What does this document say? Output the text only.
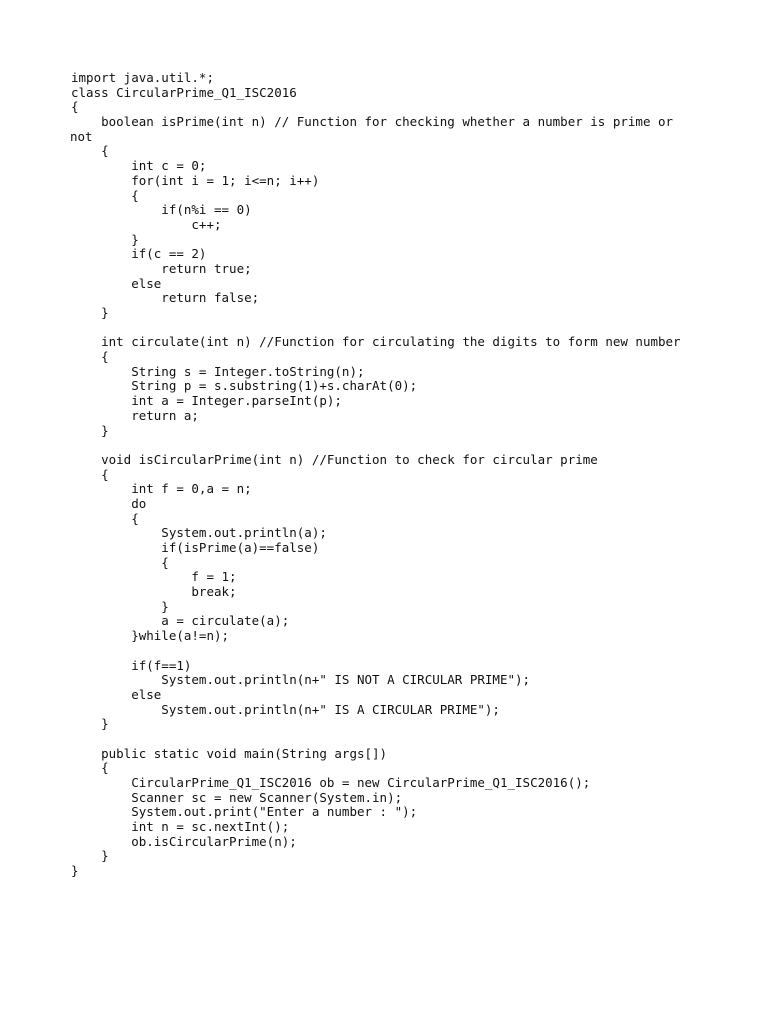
import java.util.*;
class CircularPrime_Q1_ISC2016
{
boolean isPrime(int n) // Function for checking whether a number is prime or
not
{
int c = 0;
for(int i = 1; i<=n; i++)
{
if(n%i == 0)
c++;
}
if(c == 2)
return true;
else
return false;
}
int circulate(int n) //Function for circulating the digits to form new number
{
String s = Integer.toString(n);
String p = s.substring(1)+s.charAt(0);
int a = Integer.parseInt(p);
return a;
}
void isCircularPrime(int n) //Function to check for circular prime
{
int f = 0,a = n;
do
{
System.out.println(a);
if(isPrime(a)==false)
{
f = 1;
break;
}
a = circulate(a);
}while(a!=n);
if(f==1)
System.out.println(n+" IS NOT A CIRCULAR PRIME");
else
System.out.println(n+" IS A CIRCULAR PRIME");
}
public static void main(String args[])
{
CircularPrime_Q1_ISC2016 ob = new CircularPrime_Q1_ISC2016();
Scanner sc = new Scanner(System.in);
System.out.print("Enter a number : ");
int n = sc.nextInt();
ob.isCircularPrime(n);
}
}
